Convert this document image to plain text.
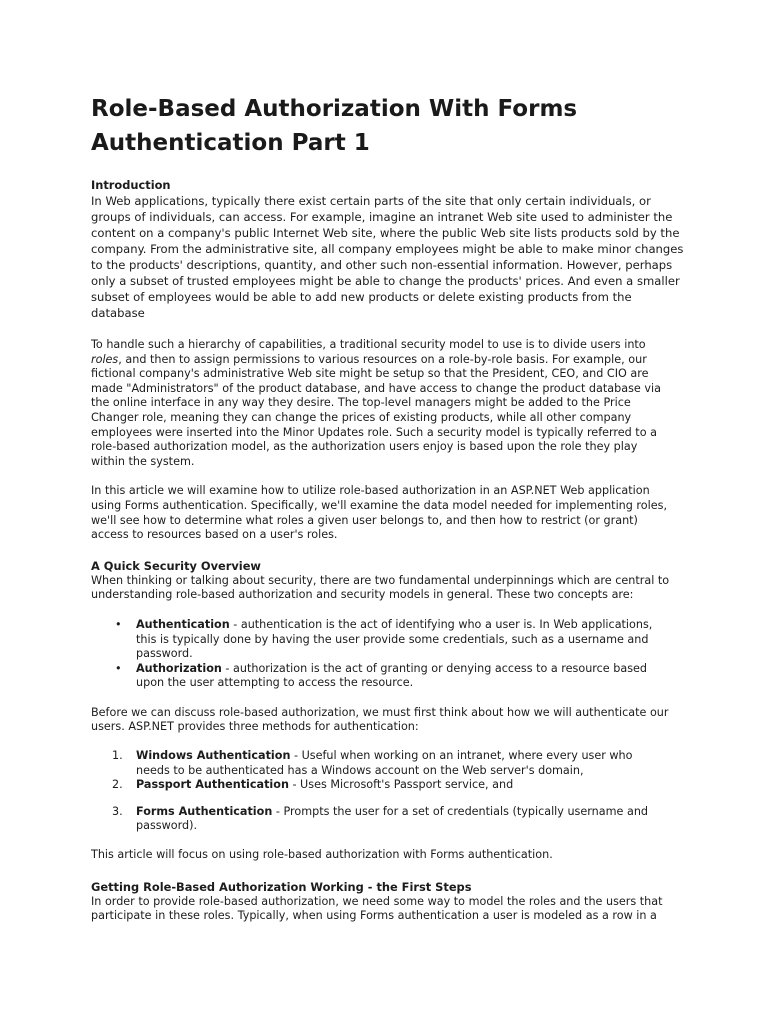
Role-Based Authorization With Forms
Authentication Part 1
Introduction
In Web applications, typically there exist certain parts of the site that only certain individuals, or
groups of individuals, can access. For example, imagine an intranet Web site used to administer the
content on a company's public Internet Web site, where the public Web site lists products sold by the
company. From the administrative site, all company employees might be able to make minor changes
to the products' descriptions, quantity, and other such non-essential information. However, perhaps
only a subset of trusted employees might be able to change the products' prices. And even a smaller
subset of employees would be able to add new products or delete existing products from the database
To handle such a hierarchy of capabilities, a traditional security model to use is to divide users into
roles, and then to assign permissions to various resources on a role-by-role basis. For example, our
fictional company's administrative Web site might be setup so that the President, CEO, and CIO are
made "Administrators" of the product database, and have access to change the product database via
the online interface in any way they desire. The top-level managers might be added to the Price
Changer role, meaning they can change the prices of existing products, while all other company
employees were inserted into the Minor Updates role. Such a security model is typically referred to a
role-based authorization model, as the authorization users enjoy is based upon the role they play
within the system.
In this article we will examine how to utilize role-based authorization in an ASP.NET Web application
using Forms authentication. Specifically, we'll examine the data model needed for implementing roles,
we'll see how to determine what roles a given user belongs to, and then how to restrict (or grant)
access to resources based on a user's roles.
A Quick Security Overview
When thinking or talking about security, there are two fundamental underpinnings which are central to
understanding role-based authorization and security models in general. These two concepts are:
• Authentication - authentication is the act of identifying who a user is. In Web applications,
this is typically done by having the user provide some credentials, such as a username and
password.
• Authorization - authorization is the act of granting or denying access to a resource based
upon the user attempting to access the resource.
Before we can discuss role-based authorization, we must first think about how we will authenticate our
users. ASP.NET provides three methods for authentication:
1. Windows Authentication - Useful when working on an intranet, where every user who
needs to be authenticated has a Windows account on the Web server's domain,
2. Passport Authentication - Uses Microsoft's Passport service, and
3. Forms Authentication - Prompts the user for a set of credentials (typically username and
password).
This article will focus on using role-based authorization with Forms authentication.
Getting Role-Based Authorization Working - the First Steps
In order to provide role-based authorization, we need some way to model the roles and the users that
participate in these roles. Typically, when using Forms authentication a user is modeled as a row in a
